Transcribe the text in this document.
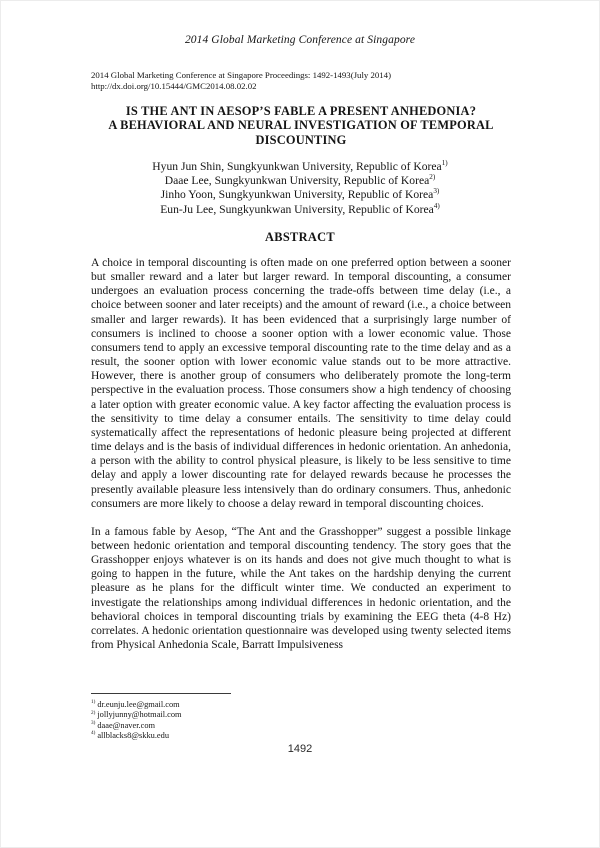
2014 Global Marketing Conference at Singapore
2014 Global Marketing Conference at Singapore Proceedings: 1492-1493(July 2014)
http://dx.doi.org/10.15444/GMC2014.08.02.02
IS THE ANT IN AESOP’S FABLE A PRESENT ANHEDONIA?
A BEHAVIORAL AND NEURAL INVESTIGATION OF TEMPORAL
DISCOUNTING
Hyun Jun Shin, Sungkyunkwan University, Republic of Korea$^{1)}$
Daae Lee, Sungkyunkwan University, Republic of Korea$^{2)}$
Jinho Yoon, Sungkyunkwan University, Republic of Korea$^{3)}$
Eun-Ju Lee, Sungkyunkwan University, Republic of Korea$^{4)}$
ABSTRACT

A choice in temporal discounting is often made on one preferred option between a sooner but smaller reward and a later but larger reward. In temporal discounting, a consumer undergoes an evaluation process concerning the trade-offs between time delay (i.e., a choice between sooner and later receipts) and the amount of reward (i.e., a choice between smaller and larger rewards). It has been evidenced that a surprisingly large number of consumers is inclined to choose a sooner option with a lower economic value. Those consumers tend to apply an excessive temporal discounting rate to the time delay and as a result, the sooner option with lower economic value stands out to be more attractive. However, there is another group of consumers who deliberately promote the long-term perspective in the evaluation process. Those consumers show a high tendency of choosing a later option with greater economic value. A key factor affecting the evaluation process is the sensitivity to time delay a consumer entails. The sensitivity to time delay could systematically affect the representations of hedonic pleasure being projected at different time delays and is the basis of individual differences in hedonic orientation. An anhedonia, a person with the ability to control physical pleasure, is likely to be less sensitive to time delay and apply a lower discounting rate for delayed rewards because he processes the presently available pleasure less intensively than do ordinary consumers. Thus, anhedonic consumers are more likely to choose a delay reward in temporal discounting choices.

In a famous fable by Aesop, “The Ant and the Grasshopper” suggest a possible linkage between hedonic orientation and temporal discounting tendency. The story goes that the Grasshopper enjoys whatever is on its hands and does not give much thought to what is going to happen in the future, while the Ant takes on the hardship denying the current pleasure as he plans for the difficult winter time. We conducted an experiment to investigate the relationships among individual differences in hedonic orientation, and the behavioral choices in temporal discounting trials by examining the EEG theta (4-8 Hz) correlates. A hedonic orientation questionnaire was developed using twenty selected items from Physical Anhedonia Scale, Barratt Impulsiveness

$^{1)}$ dr.eunju.lee@gmail.com
$^{2)}$ jollyjunny@hotmail.com
$^{3)}$ daae@naver.com
$^{4)}$ allblacks8@skku.edu
1492
